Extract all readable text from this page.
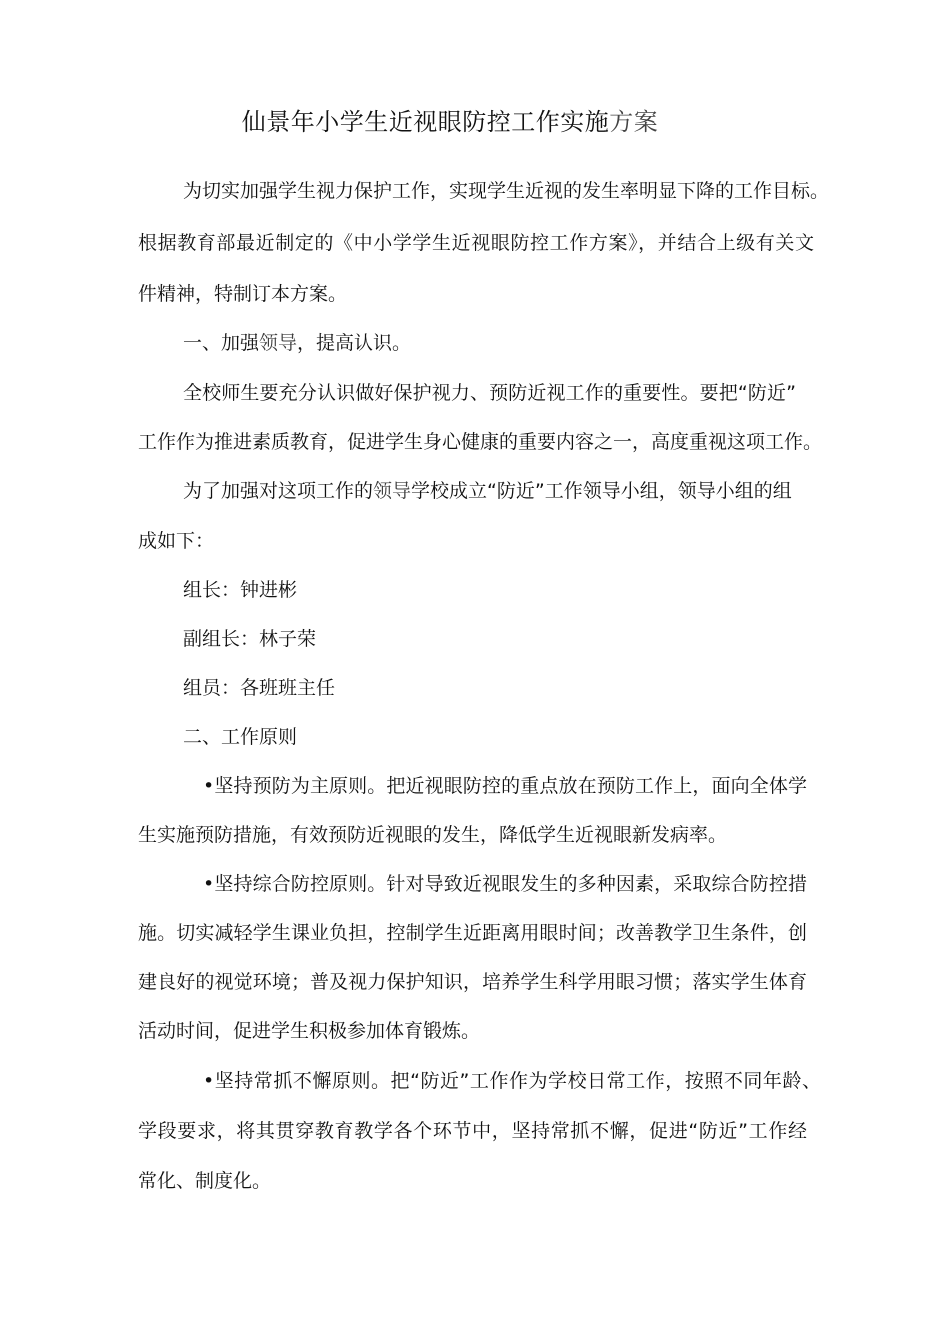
仙景年小学生近视眼防控工作实施方案
为切实加强学生视力保护工作，实现学生近视的发生率明显下降的工作目标。
根据教育部最近制定的《中小学学生近视眼防控工作方案》，并结合上级有关文
件精神，特制订本方案。
一、加强领导，提高认识。
全校师生要充分认识做好保护视力、预防近视工作的重要性。要把“防近”
工作作为推进素质教育，促进学生身心健康的重要内容之一，高度重视这项工作。
为了加强对这项工作的领导学校成立“防近”工作领导小组，领导小组的组
成如下：
组长：钟进彬
副组长：林子荣
组员：各班班主任
二、工作原则
•坚持预防为主原则。把近视眼防控的重点放在预防工作上，面向全体学
生实施预防措施，有效预防近视眼的发生，降低学生近视眼新发病率。
•坚持综合防控原则。针对导致近视眼发生的多种因素，采取综合防控措
施。切实减轻学生课业负担，控制学生近距离用眼时间；改善教学卫生条件，创
建良好的视觉环境；普及视力保护知识，培养学生科学用眼习惯；落实学生体育
活动时间，促进学生积极参加体育锻炼。
•坚持常抓不懈原则。把“防近”工作作为学校日常工作，按照不同年龄、
学段要求，将其贯穿教育教学各个环节中，坚持常抓不懈，促进“防近”工作经
常化、制度化。
